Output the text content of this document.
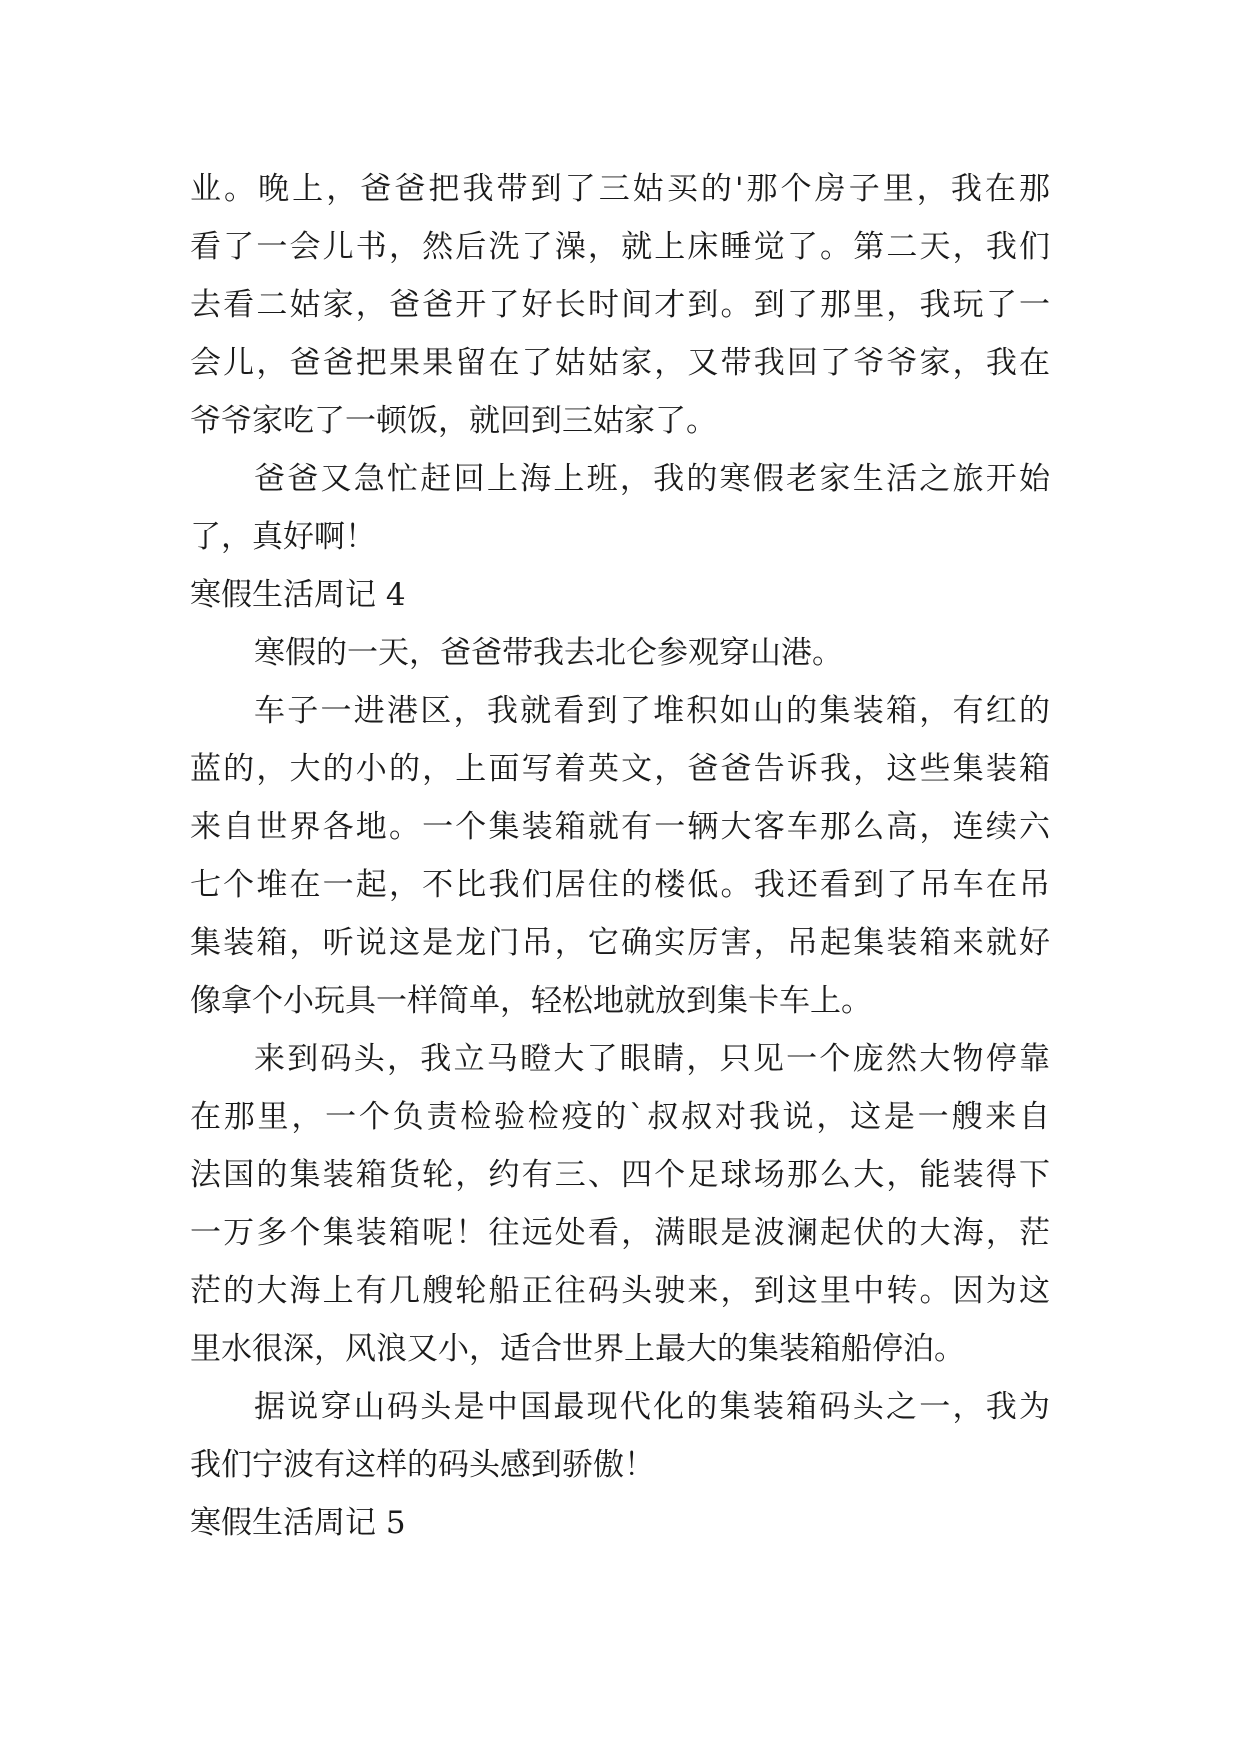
业。晚上，爸爸把我带到了三姑买的'那个房子里，我在那
看了一会儿书，然后洗了澡，就上床睡觉了。第二天，我们
去看二姑家，爸爸开了好长时间才到。到了那里，我玩了一
会儿，爸爸把果果留在了姑姑家，又带我回了爷爷家，我在
爷爷家吃了一顿饭，就回到三姑家了。
爸爸又急忙赶回上海上班，我的寒假老家生活之旅开始
了，真好啊！
寒假生活周记 4
寒假的一天，爸爸带我去北仑参观穿山港。
车子一进港区，我就看到了堆积如山的集装箱，有红的
蓝的，大的小的，上面写着英文，爸爸告诉我，这些集装箱
来自世界各地。一个集装箱就有一辆大客车那么高，连续六
七个堆在一起，不比我们居住的楼低。我还看到了吊车在吊
集装箱，听说这是龙门吊，它确实厉害，吊起集装箱来就好
像拿个小玩具一样简单，轻松地就放到集卡车上。
来到码头，我立马瞪大了眼睛，只见一个庞然大物停靠
在那里，一个负责检验检疫的`叔叔对我说，这是一艘来自
法国的集装箱货轮，约有三、四个足球场那么大，能装得下
一万多个集装箱呢！往远处看，满眼是波澜起伏的大海，茫
茫的大海上有几艘轮船正往码头驶来，到这里中转。因为这
里水很深，风浪又小，适合世界上最大的集装箱船停泊。
据说穿山码头是中国最现代化的集装箱码头之一，我为
我们宁波有这样的码头感到骄傲！
寒假生活周记 5
